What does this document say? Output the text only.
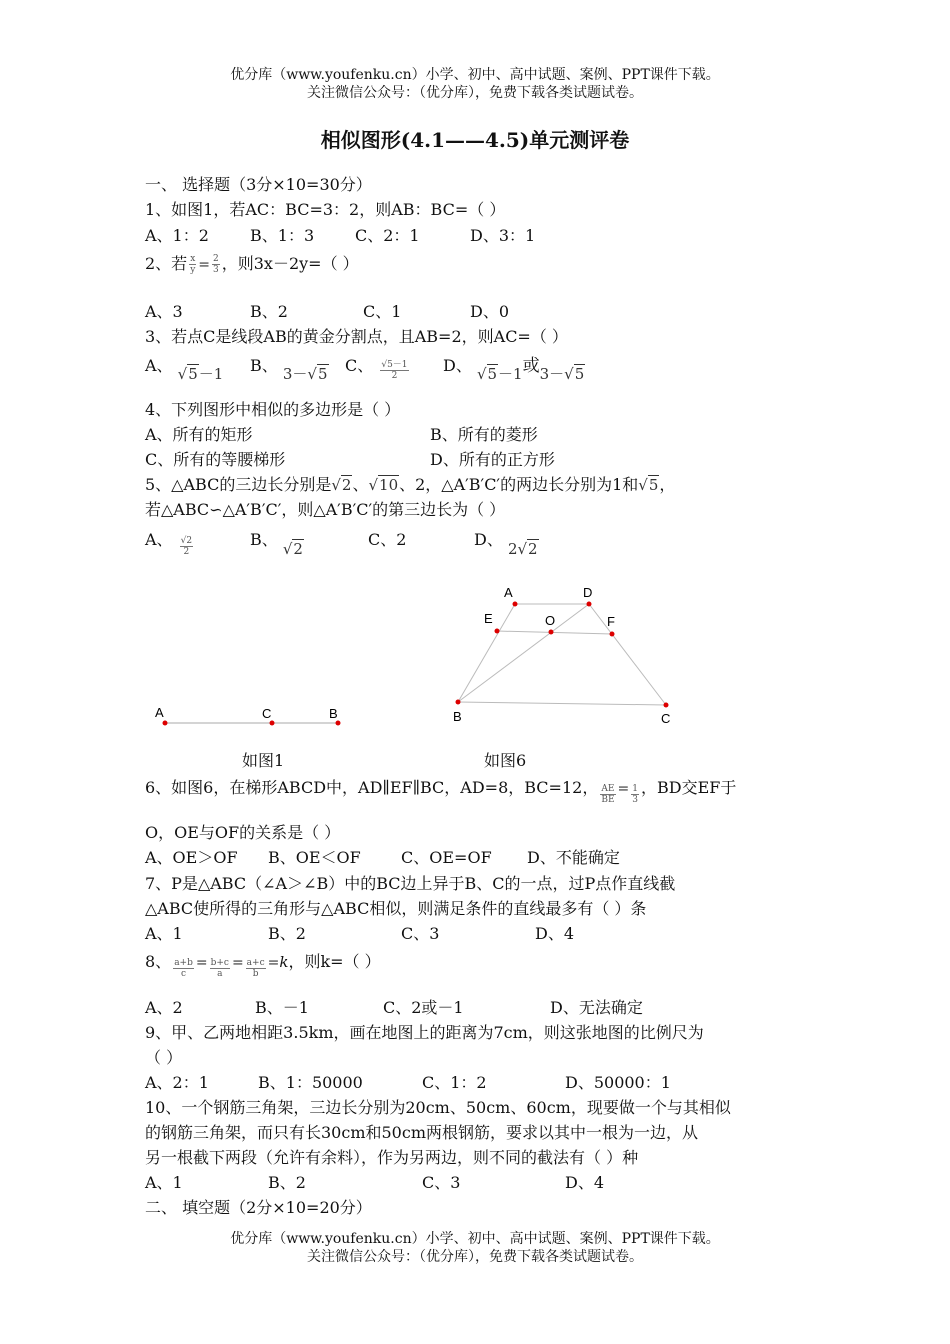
优分库（www.youfenku.cn）小学、初中、高中试题、案例、PPT课件下载。
关注微信公众号：（优分库），免费下载各类试题试卷。
相似图形(4.1——4.5)单元测评卷
一、 选择题（3分×10=30分）
1、如图1，若AC：BC=3：2，则AB：BC=（ ）
A、1：2	B、1：3	C、2：1	D、3：1
2、若 $\frac{x}{y} = \frac{2}{3}$ ，则3x－2y=（ ）
A、3	B、2	C、1	D、0
3、若点C是线段AB的黄金分割点，且AB=2，则AC=（ ）
A、 √5－1 B、 3－√5 C、 $\frac{√5-1}{2}$ D、 √5－1或3－√5
4、下列图形中相似的多边形是（ ）
A、所有的矩形	B、所有的菱形
C、所有的等腰梯形	D、所有的正方形
5、△ABC的三边长分别是√2、√10、2，△A′B′C′的两边长分别为1和√5，
若△ABC∽△A′B′C′，则△A′B′C′的第三边长为（ ）
A、 $\frac{√2}{2}$	B、 √2	C、2	D、 2√2
A	C	B
A	D
E	O	F
B	C
如图1	如图6
6、如图6，在梯形ABCD中，AD∥EF∥BC，AD=8，BC=12， $\frac{AE}{BE} = \frac{1}{3}$ ，BD交EF于
O，OE与OF的关系是（ ）
A、OE＞OF B、OE＜OF	C、OE=OF D、不能确定
7、P是△ABC（∠A＞∠B）中的BC边上异于B、C的一点，过P点作直线截
△ABC使所得的三角形与△ABC相似，则满足条件的直线最多有（ ）条
A、1	B、2	C、3	D、4
8、 $\frac{a+b}{c} = \frac{b+c}{a} = \frac{a+c}{b} =k$，则k=（ ）
A、2	B、－1	C、2或－1	D、无法确定
9、甲、乙两地相距3.5km，画在地图上的距离为7cm，则这张地图的比例尺为
（ ）
A、2：1	B、1：50000	C、1：2	D、50000：1
10、一个钢筋三角架，三边长分别为20cm、50cm、60cm，现要做一个与其相似
的钢筋三角架，而只有长30cm和50cm两根钢筋，要求以其中一根为一边，从
另一根截下两段（允许有余料），作为另两边，则不同的截法有（ ）种
A、1	B、2	C、3	D、4
二、 填空题（2分×10=20分）
优分库（www.youfenku.cn）小学、初中、高中试题、案例、PPT课件下载。
关注微信公众号：（优分库），免费下载各类试题试卷。
